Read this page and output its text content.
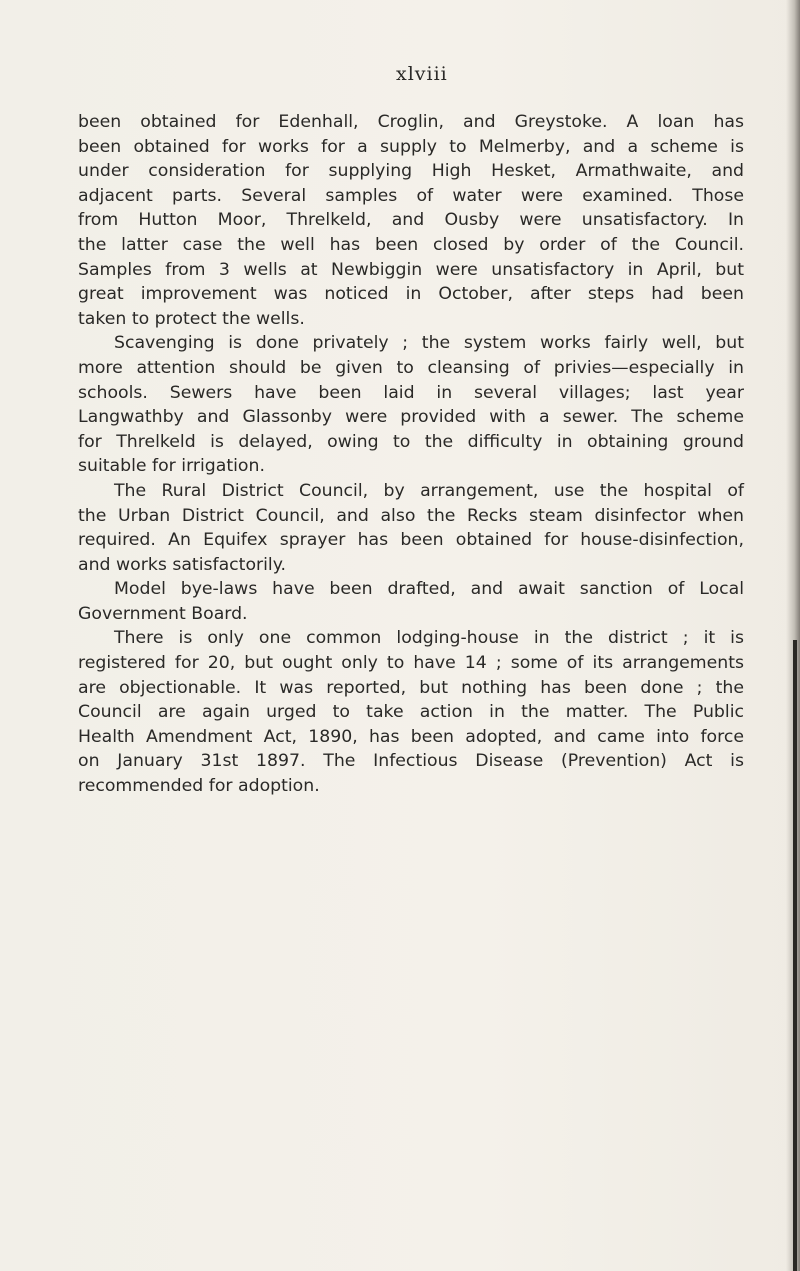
xlviii
been obtained for Edenhall, Croglin, and Greystoke. A loan has
been obtained for works for a supply to Melmerby, and a scheme is
under consideration for supplying High Hesket, Armathwaite, and
adjacent parts. Several samples of water were examined. Those
from Hutton Moor, Threlkeld, and Ousby were unsatisfactory. In
the latter case the well has been closed by order of the Council.
Samples from 3 wells at Newbiggin were unsatisfactory in April, but
great improvement was noticed in October, after steps had been
taken to protect the wells.
Scavenging is done privately ; the system works fairly well, but
more attention should be given to cleansing of privies—especially in
schools. Sewers have been laid in several villages; last year
Langwathby and Glassonby were provided with a sewer. The scheme
for Threlkeld is delayed, owing to the difficulty in obtaining ground
suitable for irrigation.
The Rural District Council, by arrangement, use the hospital of
the Urban District Council, and also the Recks steam disinfector when
required. An Equifex sprayer has been obtained for house-disinfection,
and works satisfactorily.
Model bye-laws have been drafted, and await sanction of Local
Government Board.
There is only one common lodging-house in the district ; it is
registered for 20, but ought only to have 14 ; some of its arrangements
are objectionable. It was reported, but nothing has been done ; the
Council are again urged to take action in the matter. The Public
Health Amendment Act, 1890, has been adopted, and came into force
on January 31st 1897. The Infectious Disease (Prevention) Act is
recommended for adoption.
